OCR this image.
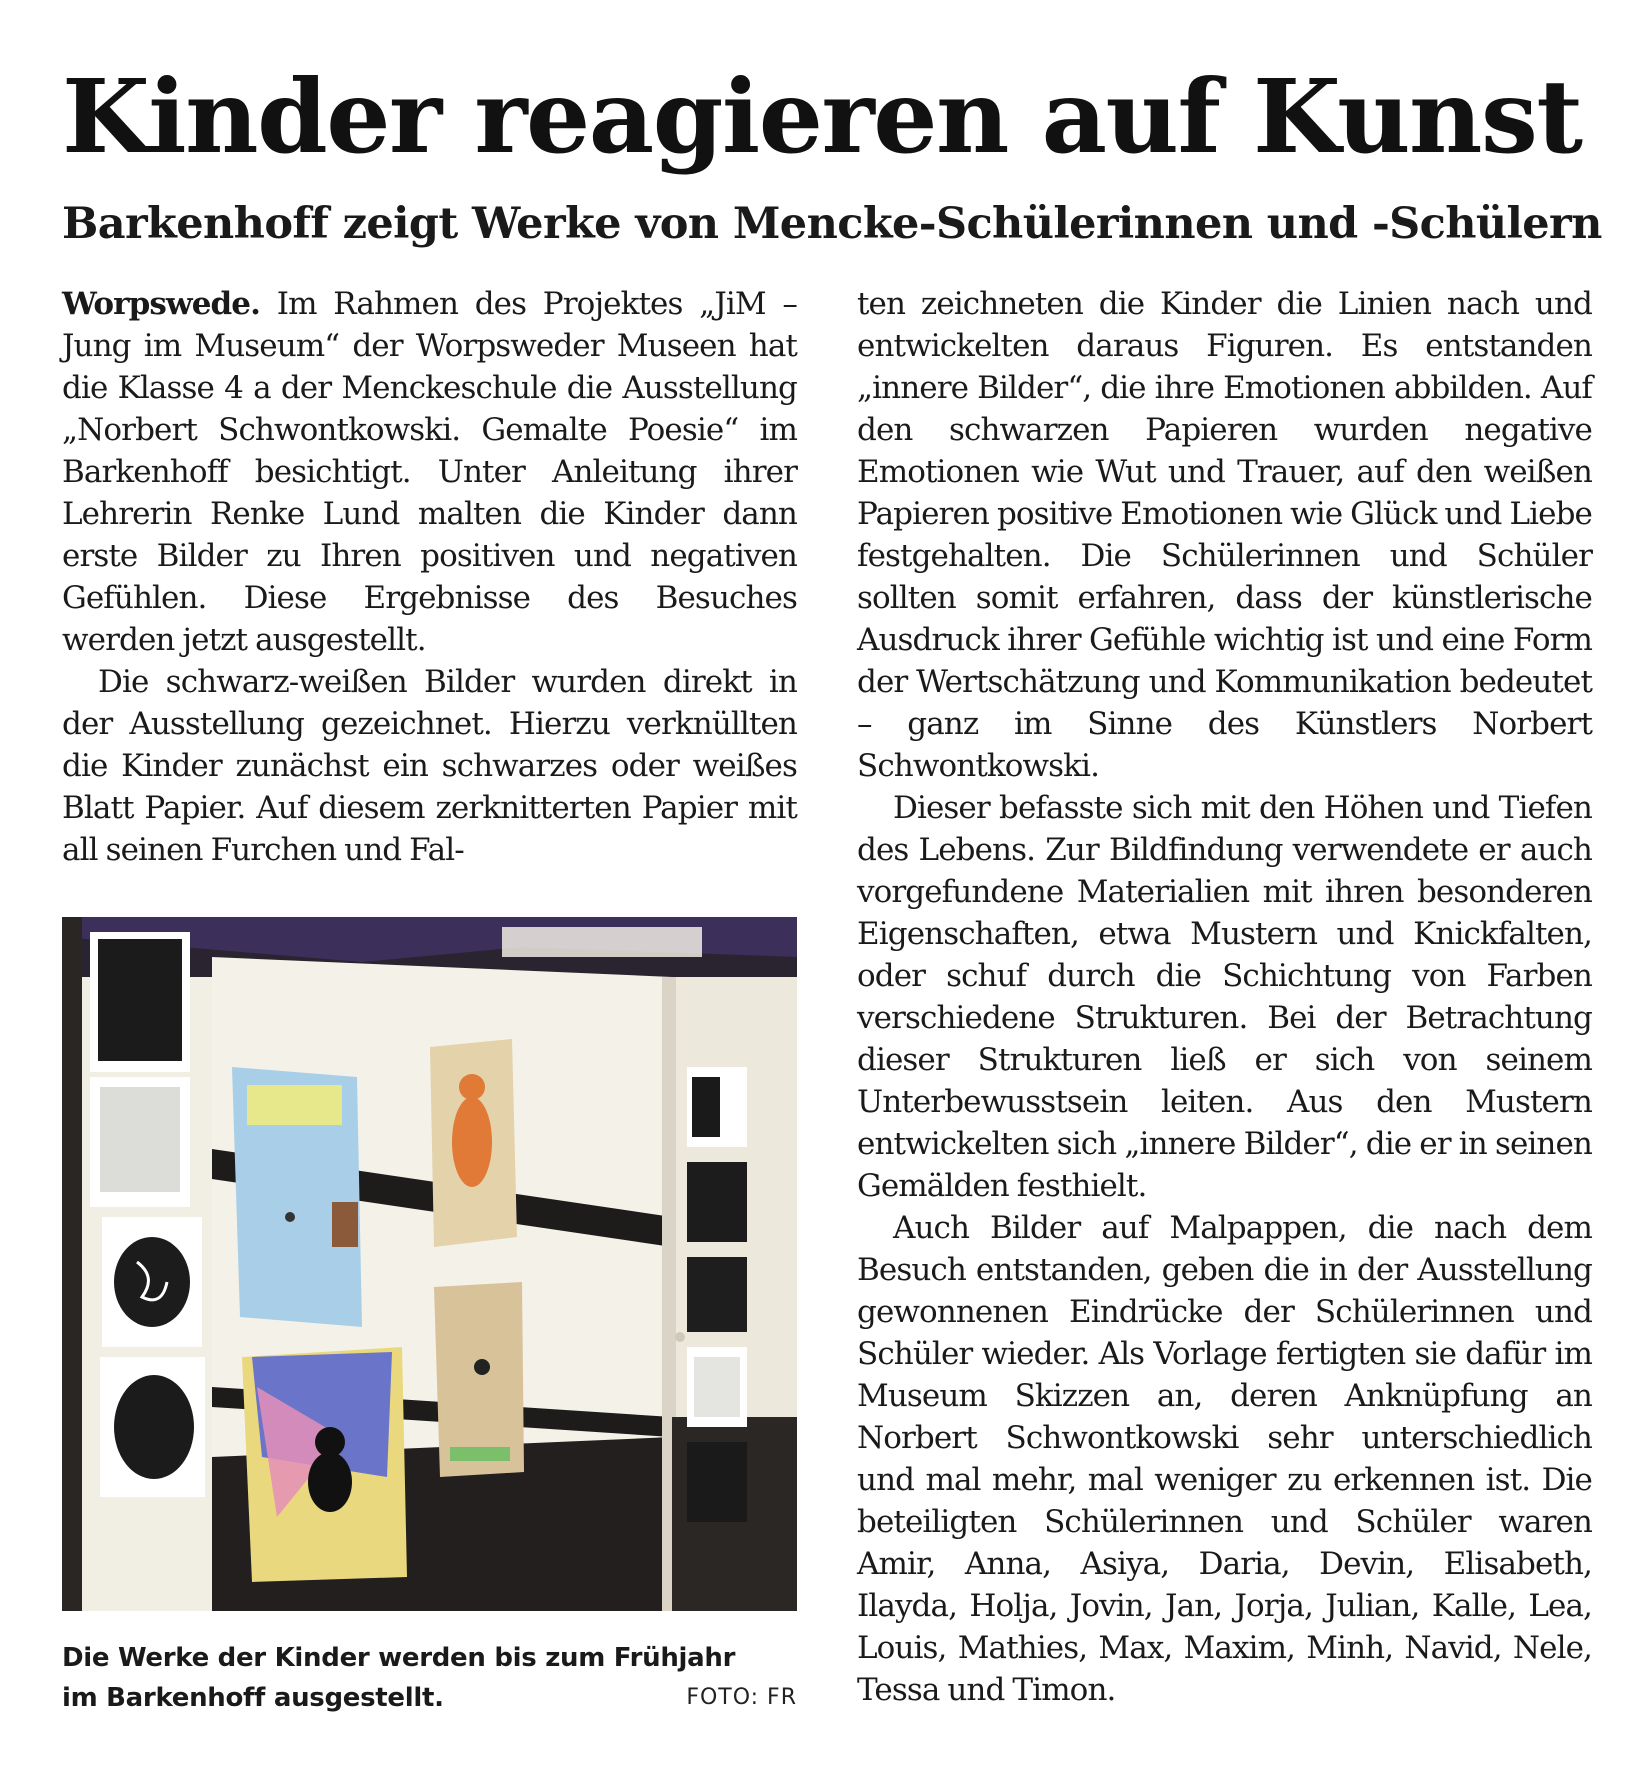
Kinder reagieren auf Kunst
Barkenhoff zeigt Werke von Mencke-Schülerinnen und -Schülern

Worpswede. Im Rahmen des Projektes „JiM – Jung im Museum“ der Worpsweder Museen hat die Klasse 4 a der Menckeschule die Ausstellung „Norbert Schwontkowski. Gemalte Poesie“ im Barkenhoff besichtigt. Unter Anleitung ihrer Lehrerin Renke Lund malten die Kinder dann erste Bilder zu Ihren positiven und negativen Gefühlen. Diese Ergebnisse des Besuches werden jetzt ausgestellt.

Die schwarz-weißen Bilder wurden direkt in der Ausstellung gezeichnet. Hierzu verknüllten die Kinder zunächst ein schwarzes oder weißes Blatt Papier. Auf diesem zerknitterten Papier mit all seinen Furchen und Fal-

Die Werke der Kinder werden bis zum Frühjahr
im Barkenhoff ausgestellt.	FOTO: FR

ten zeichneten die Kinder die Linien nach und entwickelten daraus Figuren. Es entstanden „innere Bilder“, die ihre Emotionen abbilden. Auf den schwarzen Papieren wurden negative Emotionen wie Wut und Trauer, auf den weißen Papieren positive Emotionen wie Glück und Liebe festgehalten. Die Schülerinnen und Schüler sollten somit erfahren, dass der künstlerische Ausdruck ihrer Gefühle wichtig ist und eine Form der Wertschätzung und Kommunikation bedeutet – ganz im Sinne des Künstlers Norbert Schwontkowski.

Dieser befasste sich mit den Höhen und Tiefen des Lebens. Zur Bildfindung verwendete er auch vorgefundene Materialien mit ihren besonderen Eigenschaften, etwa Mustern und Knickfalten, oder schuf durch die Schichtung von Farben verschiedene Strukturen. Bei der Betrachtung dieser Strukturen ließ er sich von seinem Unterbewusstsein leiten. Aus den Mustern entwickelten sich „innere Bilder“, die er in seinen Gemälden festhielt.

Auch Bilder auf Malpappen, die nach dem Besuch entstanden, geben die in der Ausstellung gewonnenen Eindrücke der Schülerinnen und Schüler wieder. Als Vorlage fertigten sie dafür im Museum Skizzen an, deren Anknüpfung an Norbert Schwontkowski sehr unterschiedlich und mal mehr, mal weniger zu erkennen ist. Die beteiligten Schülerinnen und Schüler waren Amir, Anna, Asiya, Daria, Devin, Elisabeth, Ilayda, Holja, Jovin, Jan, Jorja, Julian, Kalle, Lea, Louis, Mathies, Max, Maxim, Minh, Navid, Nele, Tessa und Timon.
